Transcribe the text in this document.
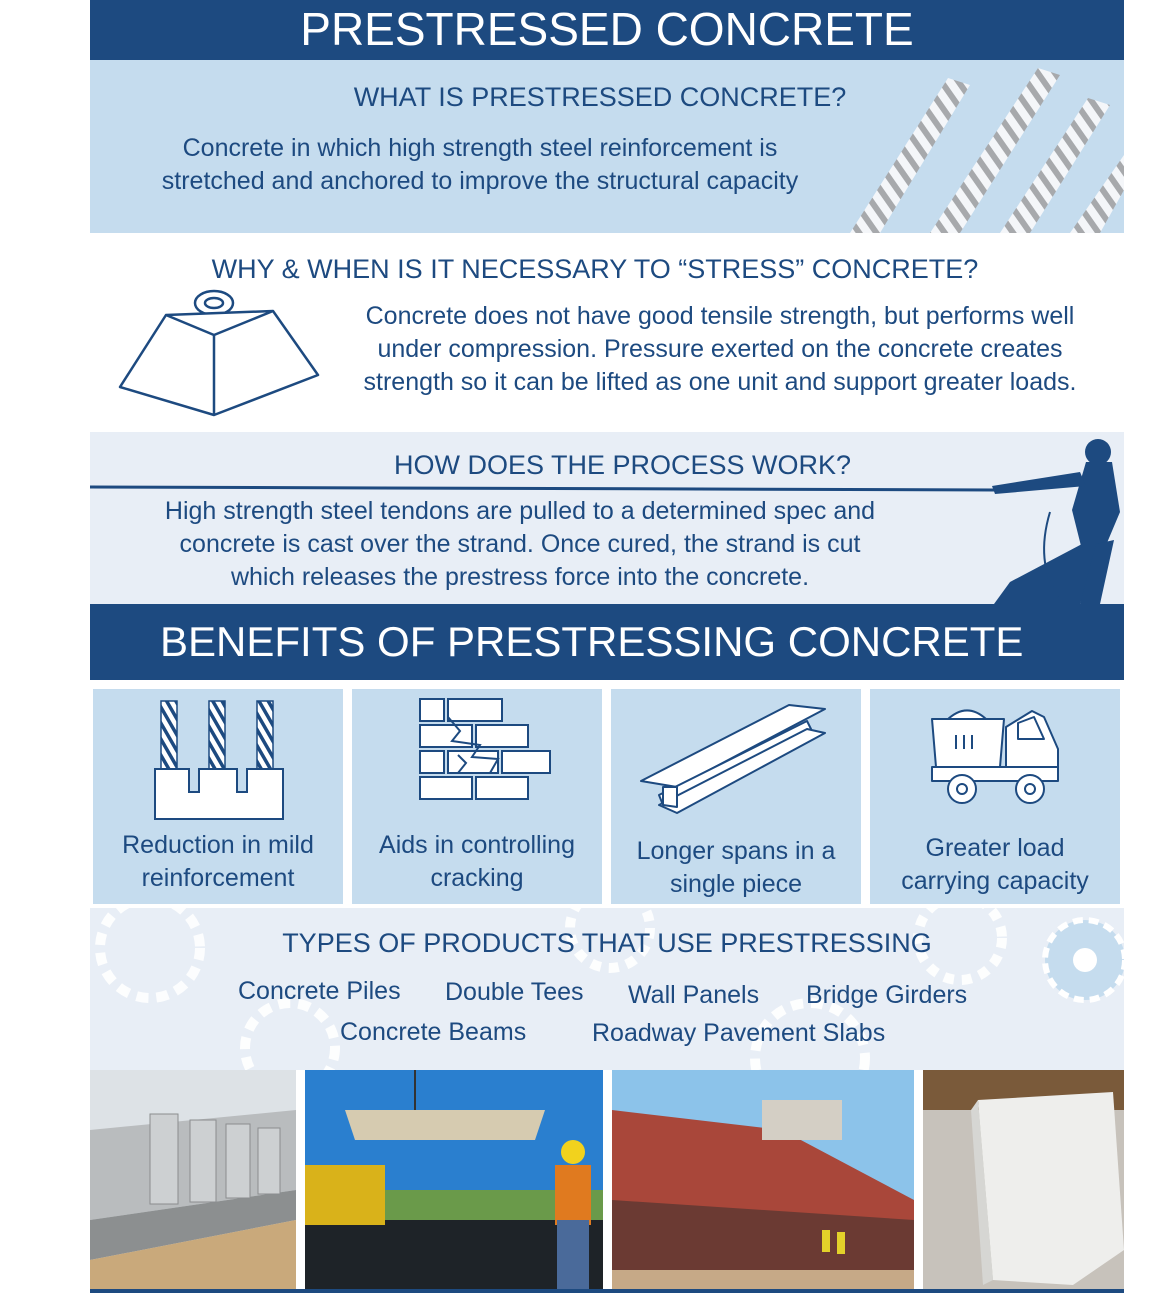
PRESTRESSED CONCRETE
WHAT IS PRESTRESSED CONCRETE?
Concrete in which high strength steel reinforcement is
stretched and anchored to improve the structural capacity
WHY & WHEN IS IT NECESSARY TO “STRESS” CONCRETE?
Concrete does not have good tensile strength, but performs well
under compression. Pressure exerted on the concrete creates
strength so it can be lifted as one unit and support greater loads.
HOW DOES THE PROCESS WORK?
High strength steel tendons are pulled to a determined spec and
concrete is cast over the strand. Once cured, the strand is cut
which releases the prestress force into the concrete.
BENEFITS OF PRESTRESSING CONCRETE
Reduction in mild
reinforcement
Aids in controlling
cracking
Longer spans in a
single piece
Greater load
carrying capacity
TYPES OF PRODUCTS THAT USE PRESTRESSING
Concrete Piles Double Tees Wall Panels Bridge Girders
Concrete Beams	Roadway Pavement Slabs
